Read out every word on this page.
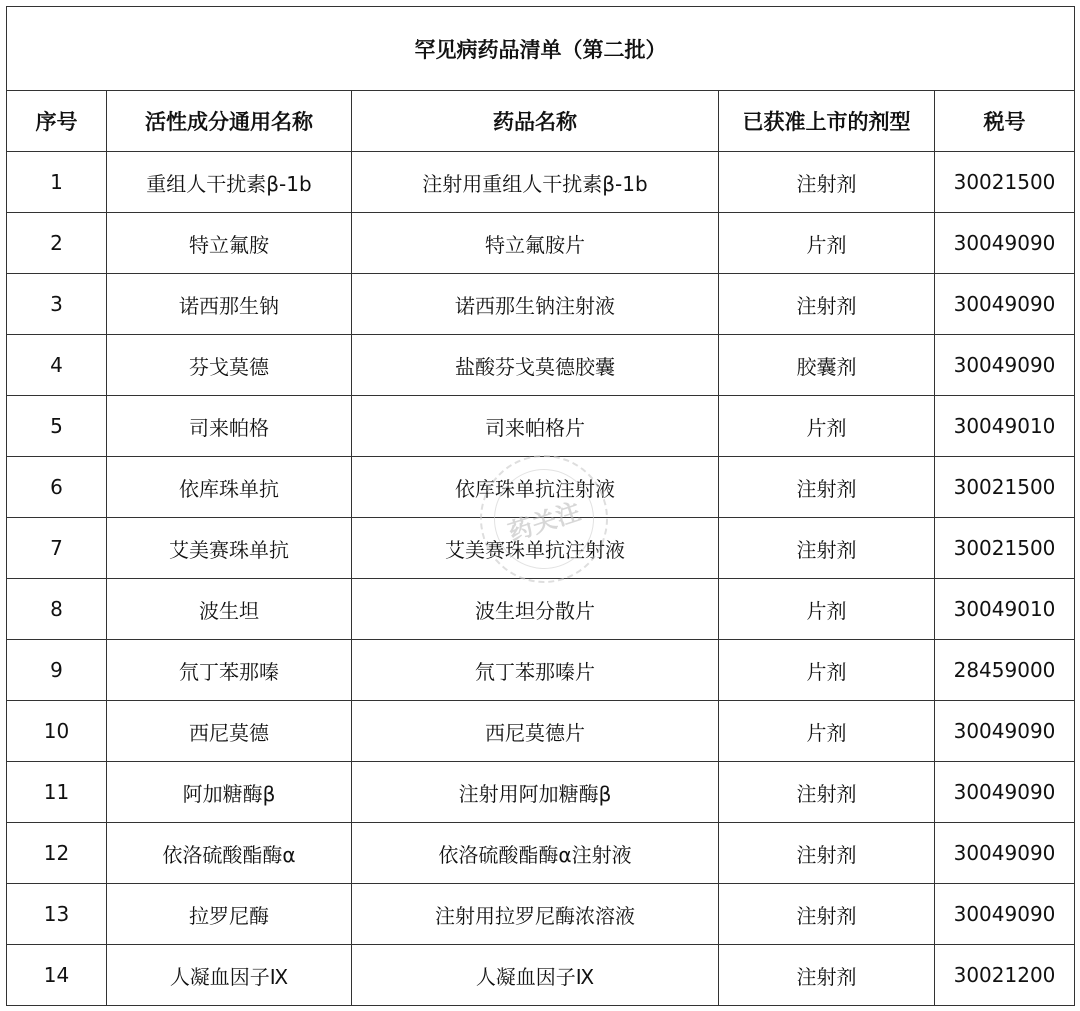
罕见病药品清单（第二批）				
序号	活性成分通用名称	药品名称	已获准上市的剂型	税号
1	重组人干扰素β-1b	注射用重组人干扰素β-1b	注射剂	30021500
2	特立氟胺	特立氟胺片	片剂	30049090
3	诺西那生钠	诺西那生钠注射液	注射剂	30049090
4	芬戈莫德	盐酸芬戈莫德胶囊	胶囊剂	30049090
5	司来帕格	司来帕格片	片剂	30049010
6	依库珠单抗	依库珠单抗注射液	注射剂	30021500
7	艾美赛珠单抗	艾美赛珠单抗注射液	注射剂	30021500
8	波生坦	波生坦分散片	片剂	30049010
9	氘丁苯那嗪	氘丁苯那嗪片	片剂	28459000
10	西尼莫德	西尼莫德片	片剂	30049090
11	阿加糖酶β	注射用阿加糖酶β	注射剂	30049090
12	依洛硫酸酯酶α	依洛硫酸酯酶α注射液	注射剂	30049090
13	拉罗尼酶	注射用拉罗尼酶浓溶液	注射剂	30049090
14	人凝血因子Ⅸ	人凝血因子Ⅸ	注射剂	30021200
药关注
